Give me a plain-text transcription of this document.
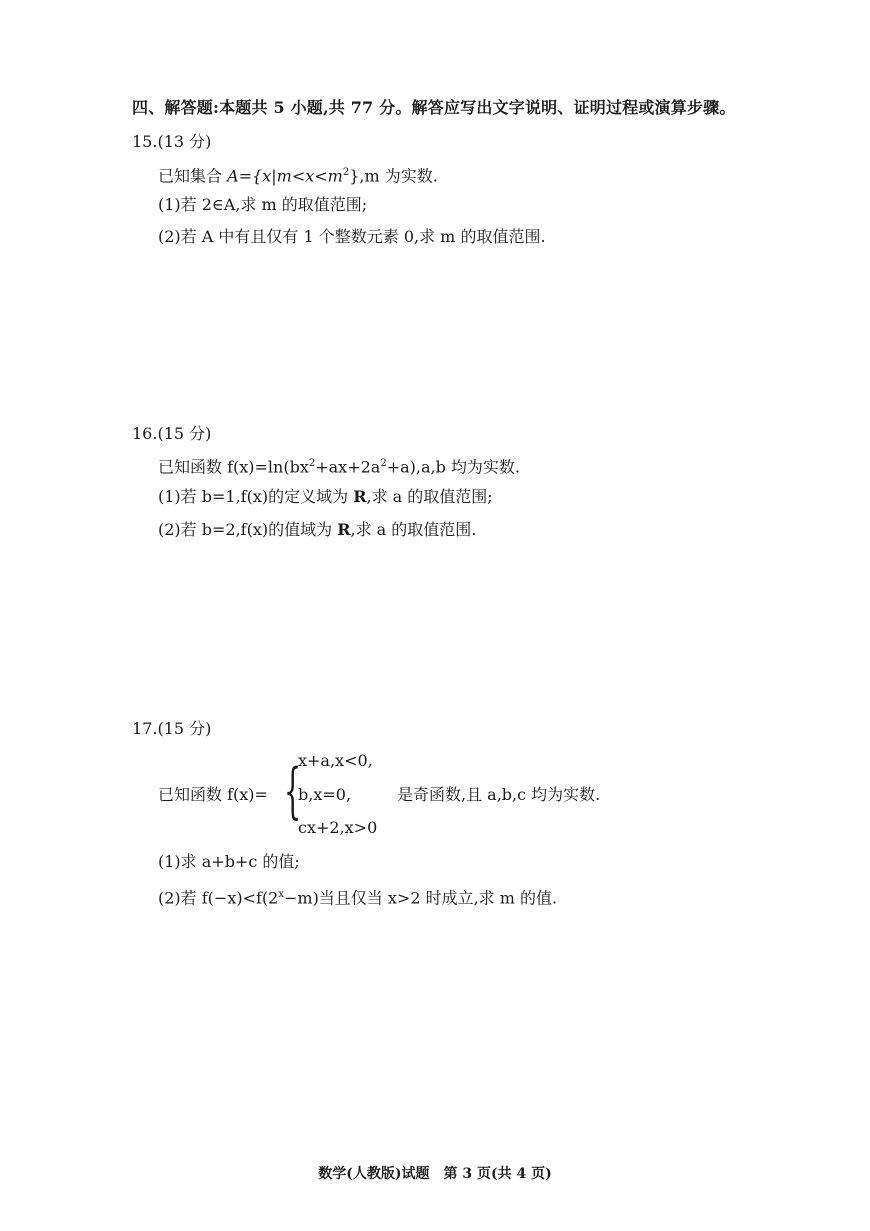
四、解答题:本题共 5 小题,共 77 分。解答应写出文字说明、证明过程或演算步骤。
15.(13 分)
已知集合 $A=\{x|m<x<m^2\},m$ 为实数.
(1)若 2∈A,求 m 的取值范围;
(2)若 A 中有且仅有 1 个整数元素 0,求 m 的取值范围.
16.(15 分)
已知函数 $f(x)=\ln(bx^2+ax+2a^2+a),a,b$ 均为实数.
(1)若 b=1,f(x)的定义域为 R,求 a 的取值范围;
(2)若 b=2,f(x)的值域为 R,求 a 的取值范围.
17.(15 分)
已知函数 f(x)= {
x+a,x<0,
b,x=0,
cx+2,x>0
是奇函数,且 a,b,c 均为实数.
(1)求 a+b+c 的值;
(2)若 $f(-x)<f(2^x-m)$当且仅当 x>2 时成立,求 m 的值.
数学(人教版)试题　第 3 页(共 4 页)
